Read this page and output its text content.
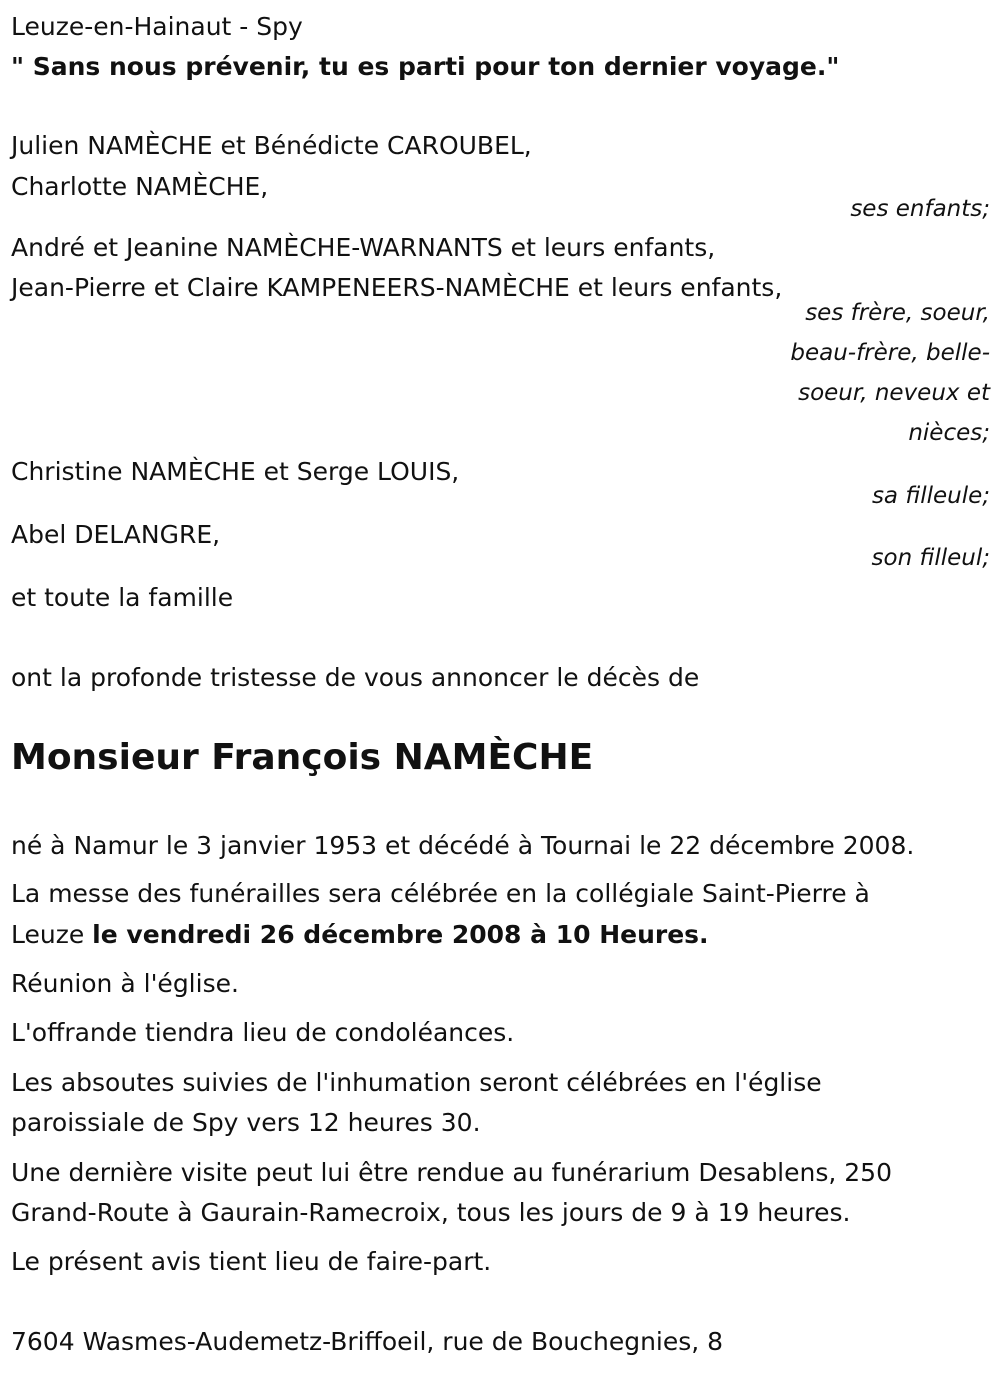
Leuze-en-Hainaut - Spy
" Sans nous prévenir, tu es parti pour ton dernier voyage."
Julien NAMÈCHE et Bénédicte CAROUBEL,
Charlotte NAMÈCHE,
ses enfants;
André et Jeanine NAMÈCHE-WARNANTS et leurs enfants,
Jean-Pierre et Claire KAMPENEERS-NAMÈCHE et leurs enfants,
ses frère, soeur,
beau-frère, belle-
soeur, neveux et
nièces;
Christine NAMÈCHE et Serge LOUIS,
sa filleule;
Abel DELANGRE,
son filleul;
et toute la famille
ont la profonde tristesse de vous annoncer le décès de
Monsieur François NAMÈCHE
né à Namur le 3 janvier 1953 et décédé à Tournai le 22 décembre 2008.
La messe des funérailles sera célébrée en la collégiale Saint-Pierre à
Leuze le vendredi 26 décembre 2008 à 10 Heures.
Réunion à l'église.
L'offrande tiendra lieu de condoléances.
Les absoutes suivies de l'inhumation seront célébrées en l'église
paroissiale de Spy vers 12 heures 30.
Une dernière visite peut lui être rendue au funérarium Desablens, 250
Grand-Route à Gaurain-Ramecroix, tous les jours de 9 à 19 heures.
Le présent avis tient lieu de faire-part.
7604 Wasmes-Audemetz-Briffoeil, rue de Bouchegnies, 8
